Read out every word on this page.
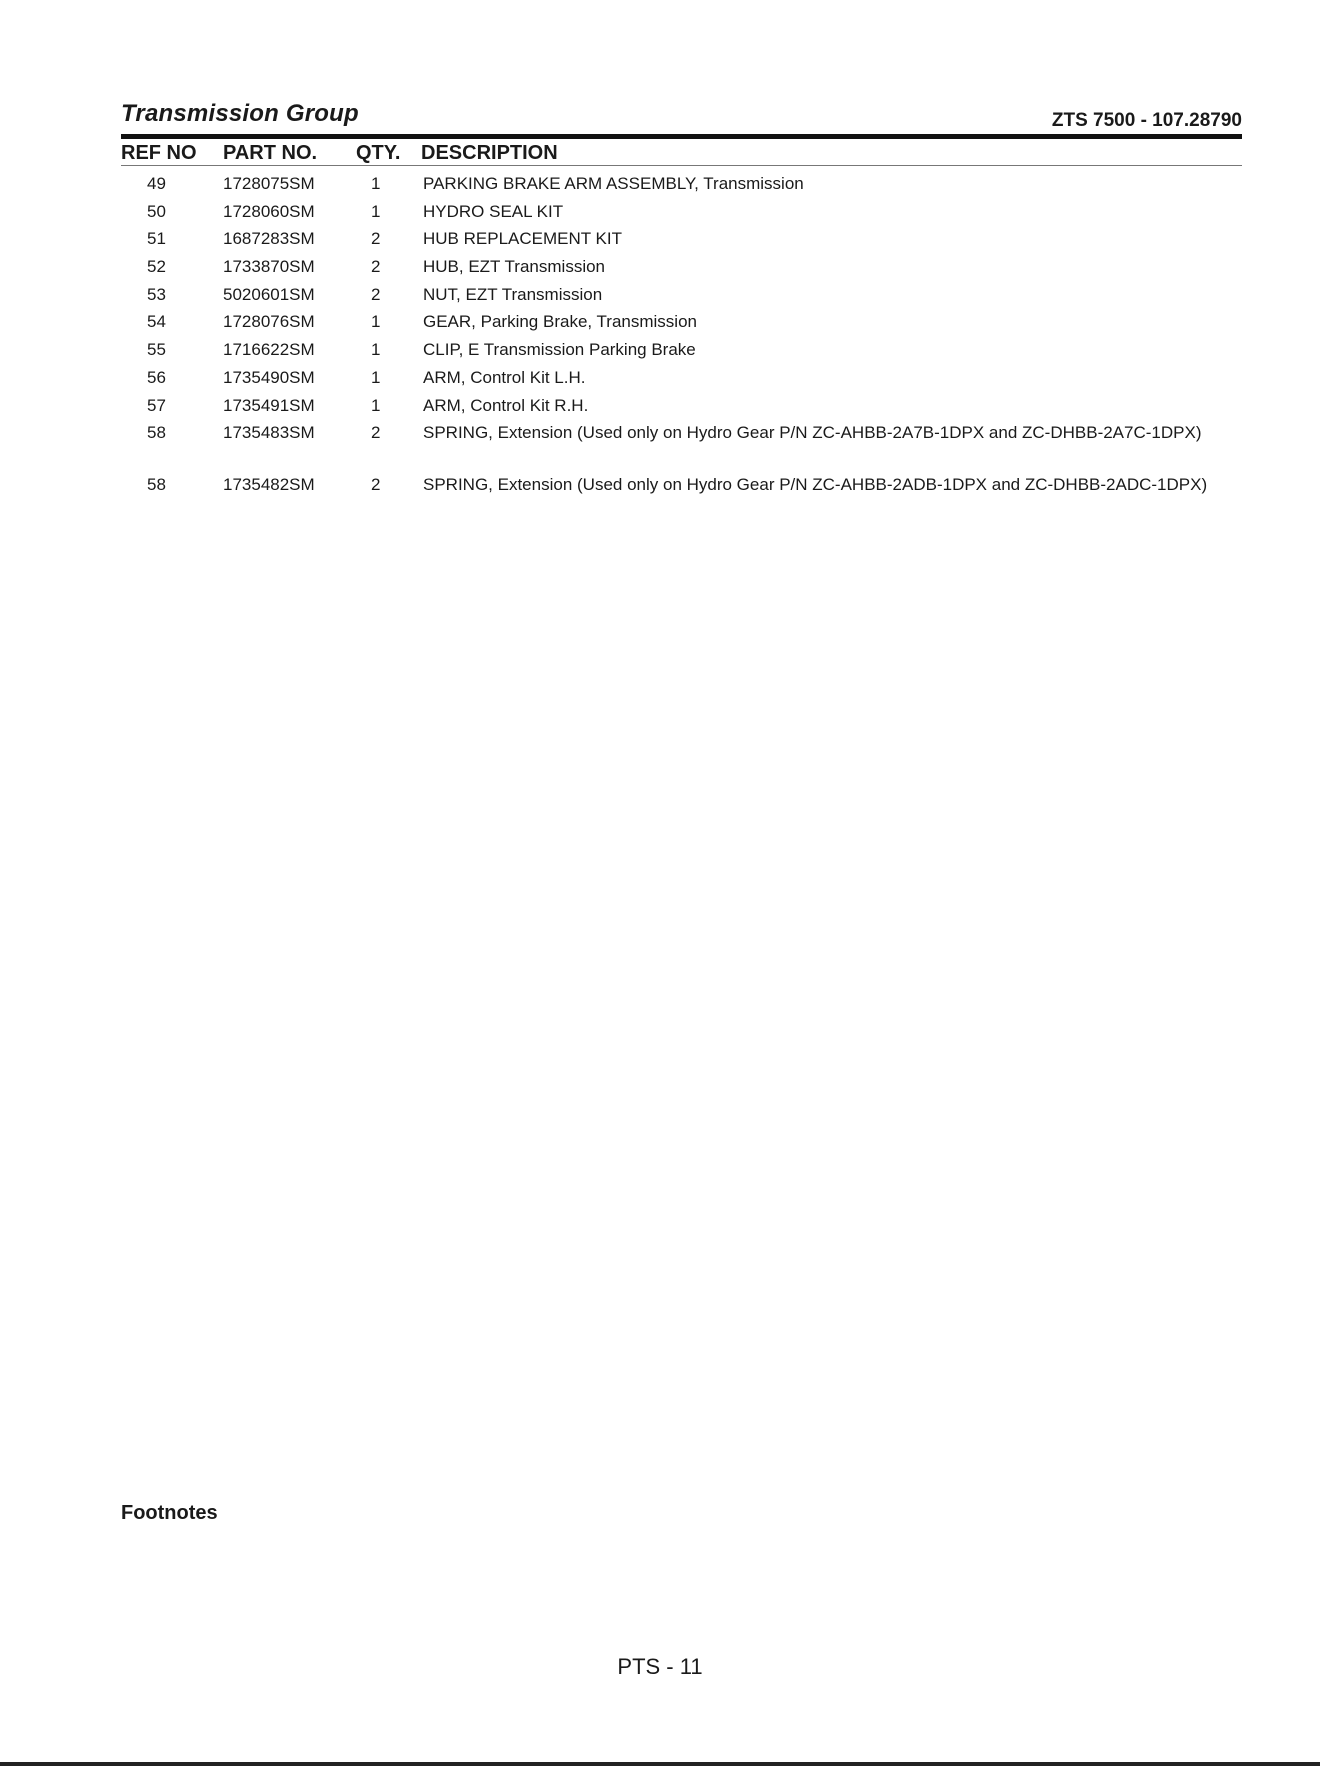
Transmission Group	ZTS 7500 - 107.28790
REF NO PART NO. QTY. DESCRIPTION
49	1728075SM	1	PARKING BRAKE ARM ASSEMBLY, Transmission
50	1728060SM	1	HYDRO SEAL KIT
51	1687283SM	2	HUB REPLACEMENT KIT
52	1733870SM	2	HUB, EZT Transmission
53	5020601SM	2	NUT, EZT Transmission
54	1728076SM	1	GEAR, Parking Brake, Transmission
55	1716622SM	1	CLIP, E Transmission Parking Brake
56	1735490SM	1	ARM, Control Kit L.H.
57	1735491SM	1	ARM, Control Kit R.H.
58	1735483SM	2	SPRING, Extension (Used only on Hydro Gear P/N ZC-AHBB-2A7B-1DPX and ZC-DHBB-2A7C-1DPX)
58	1735482SM	2	SPRING, Extension (Used only on Hydro Gear P/N ZC-AHBB-2ADB-1DPX and ZC-DHBB-2ADC-1DPX)
Footnotes
PTS - 11
